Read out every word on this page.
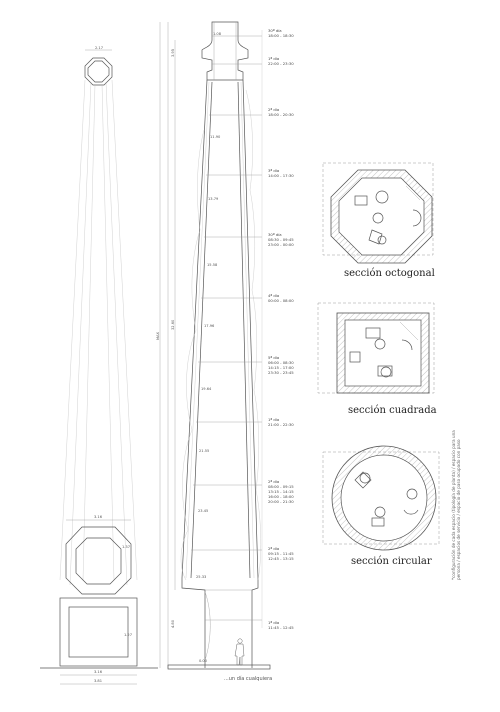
2.17
3.16
1.37
1.27
3.16
3.81
MAX
32.60
3.95
4.80
1.08
11.90
13.79
15.58
17.96
19.64
21.55
23.45
25.33
0.00
30ª día
18:00 - 18:30
1ª día
22:00 - 23:30
2ª día
18:00 - 20:30
3ª día
14:00 - 17:30
30ª día
08:30 - 09:45
23:00 - 00:00
4ª día
00:00 - 08:00
5ª día
06:00 - 08:30
14:15 - 17:00
23:30 - 23:45
1ª día
21:00 - 22:30
2ª día
08:00 - 09:15
13:15 - 14:15
16:00 - 18:00
20:00 - 21:30
2ª día
09:15 - 11:45
12:45 - 13:15
1ª día
11:45 - 12:45
sección octogonal
sección cuadrada
sección circular	*configuración de cada espacio (tipología de planta) / espacio para una persona / espacios de servicio / espacio de paso ocupado con paso
...un día cualquiera
